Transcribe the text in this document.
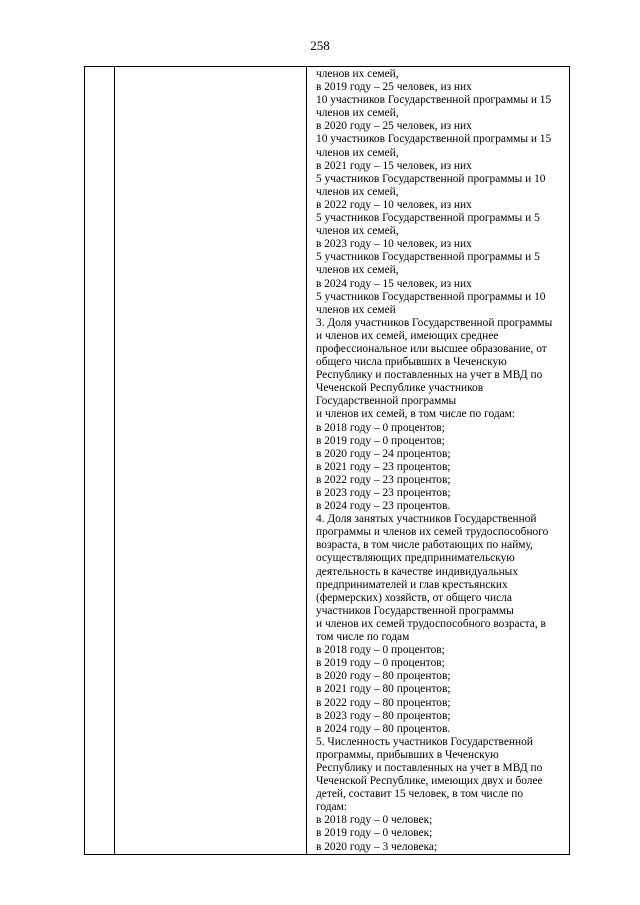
258

членов их семей,
в 2019 году – 25 человек, из них
10 участников Государственной программы и 15
членов их семей,
в 2020 году – 25 человек, из них
10 участников Государственной программы и 15
членов их семей,
в 2021 году – 15 человек, из них
5 участников Государственной программы и 10
членов их семей,
в 2022 году – 10 человек, из них
5 участников Государственной программы и 5
членов их семей,
в 2023 году – 10 человек, из них
5 участников Государственной программы и 5
членов их семей,
в 2024 году – 15 человек, из них
5 участников Государственной программы и 10
членов их семей
3. Доля участников Государственной программы
и членов их семей, имеющих среднее
профессиональное или высшее образование, от
общего числа прибывших в Чеченскую
Республику и поставленных на учет в МВД по
Чеченской Республике участников
Государственной программы
и членов их семей, в том числе по годам:
в 2018 году – 0 процентов;
в 2019 году – 0 процентов;
в 2020 году – 24 процентов;
в 2021 году – 23 процентов;
в 2022 году – 23 процентов;
в 2023 году – 23 процентов;
в 2024 году – 23 процентов.
4. Доля занятых участников Государственной
программы и членов их семей трудоспособного
возраста, в том числе работающих по найму,
осуществляющих предпринимательскую
деятельность в качестве индивидуальных
предпринимателей и глав крестьянских
(фермерских) хозяйств, от общего числа
участников Государственной программы
и членов их семей трудоспособного возраста, в
том числе по годам
в 2018 году – 0 процентов;
в 2019 году – 0 процентов;
в 2020 году – 80 процентов;
в 2021 году – 80 процентов;
в 2022 году – 80 процентов;
в 2023 году – 80 процентов;
в 2024 году – 80 процентов.
5. Численность участников Государственной
программы, прибывших в Чеченскую
Республику и поставленных на учет в МВД по
Чеченской Республике, имеющих двух и более
детей, составит 15 человек, в том числе по
годам:
в 2018 году – 0 человек;
в 2019 году – 0 человек;
в 2020 году – 3 человека;
